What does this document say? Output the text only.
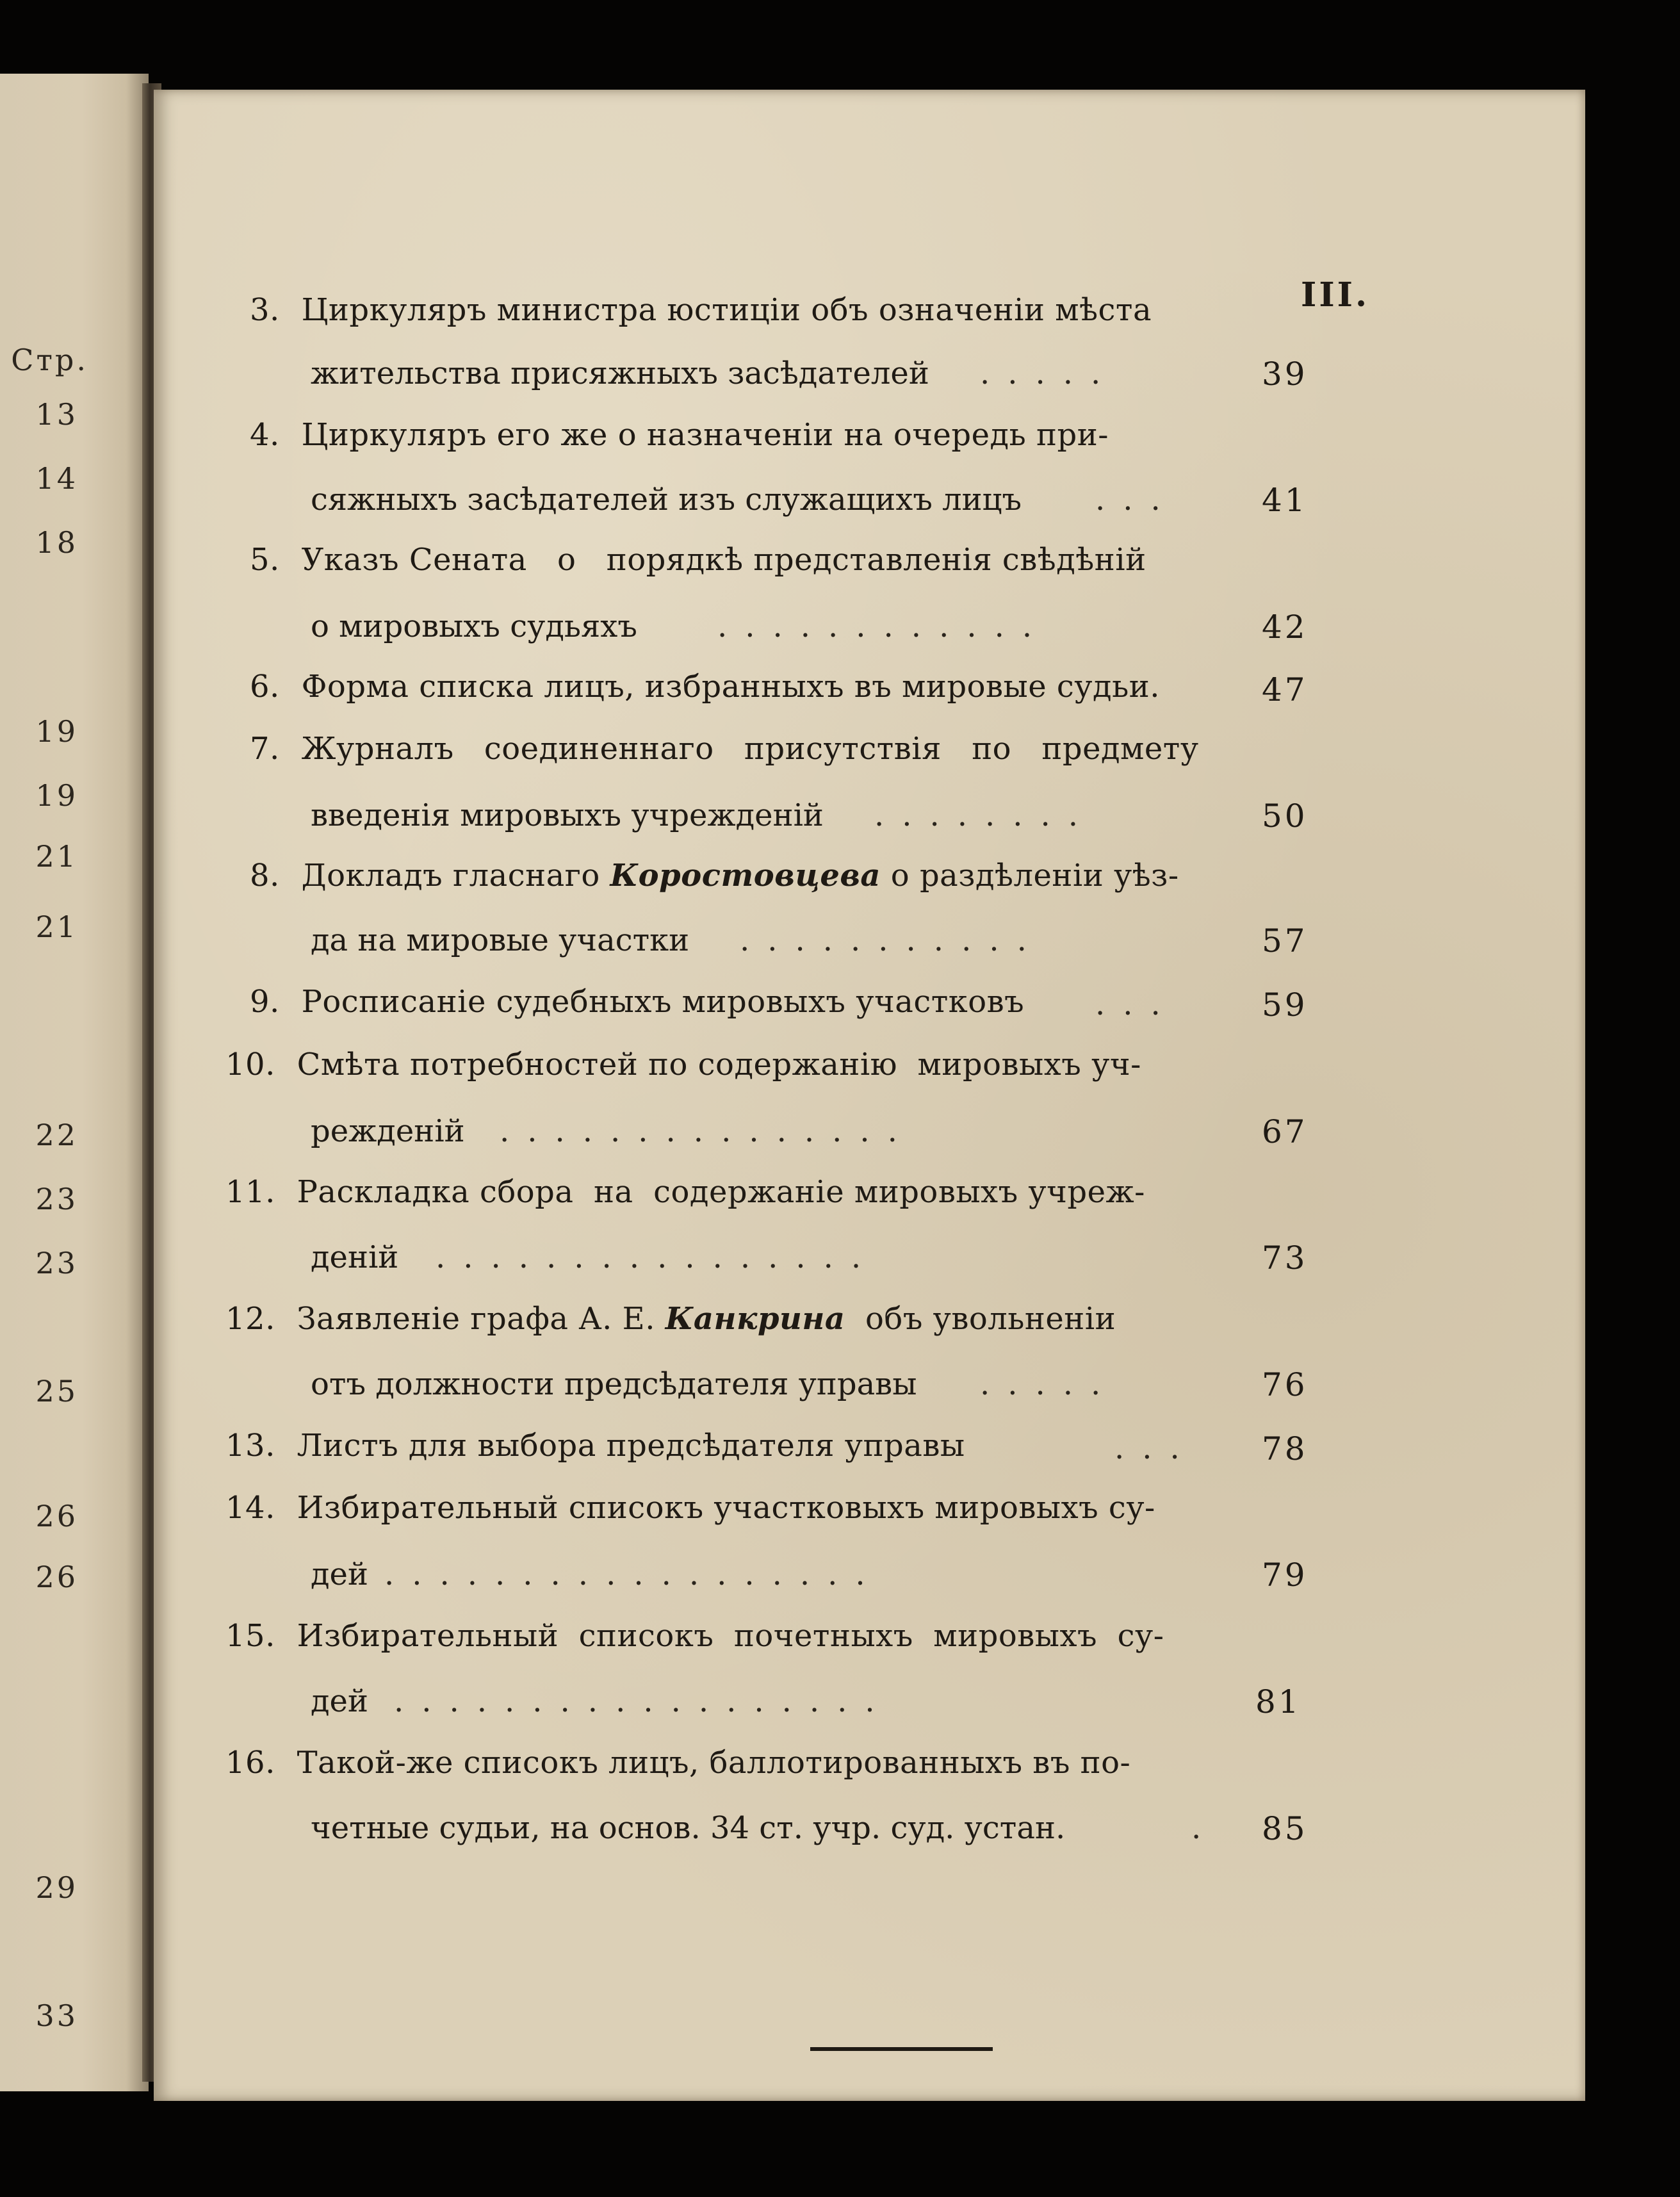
Стр.
13
14
18
19
19
21
21
22
23
23
25
26
26
29
33
III.
3. Циркуляръ министра юстиціи объ означеніи мѣста
жительства присяжныхъ засѣдателей .....	39
4. Циркуляръ его же о назначеніи на очередь при-
сяжныхъ засѣдателей изъ служащихъ лицъ ...	41
5. Указъ Сената   о   порядкѣ представленія свѣдѣній
о мировыхъ судьяхъ	............	42
6. Форма списка лицъ, избранныхъ въ мировые судьи.	47
7. Журналъ   соединеннаго   присутствія   по   предмету
введенія мировыхъ учрежденій ........	50
8. Докладъ гласнаго Коростовцева о раздѣленіи уѣз-
да на мировые участки ...........	57
9. Росписаніе судебныхъ мировыхъ участковъ ...	59
10. Смѣта потребностей по содержанію  мировыхъ уч-
режденій ...............	67
11. Раскладка сбора  на  содержаніе мировыхъ учреж-
деній ................	73
12. Заявленіе графа А. Е. Канкрина  объ увольненіи
отъ должности предсѣдателя управы .....	76
13. Листъ для выбора предсѣдателя управы	... 78
14. Избирательный списокъ участковыхъ мировыхъ су-
дей ..................	79
15. Избирательный  списокъ  почетныхъ  мировыхъ  су-
дей ..................	81
16. Такой-же списокъ лицъ, баллотированныхъ въ по-
четные судьи, на основ. 34 ст. учр. суд. устан.	. 85
